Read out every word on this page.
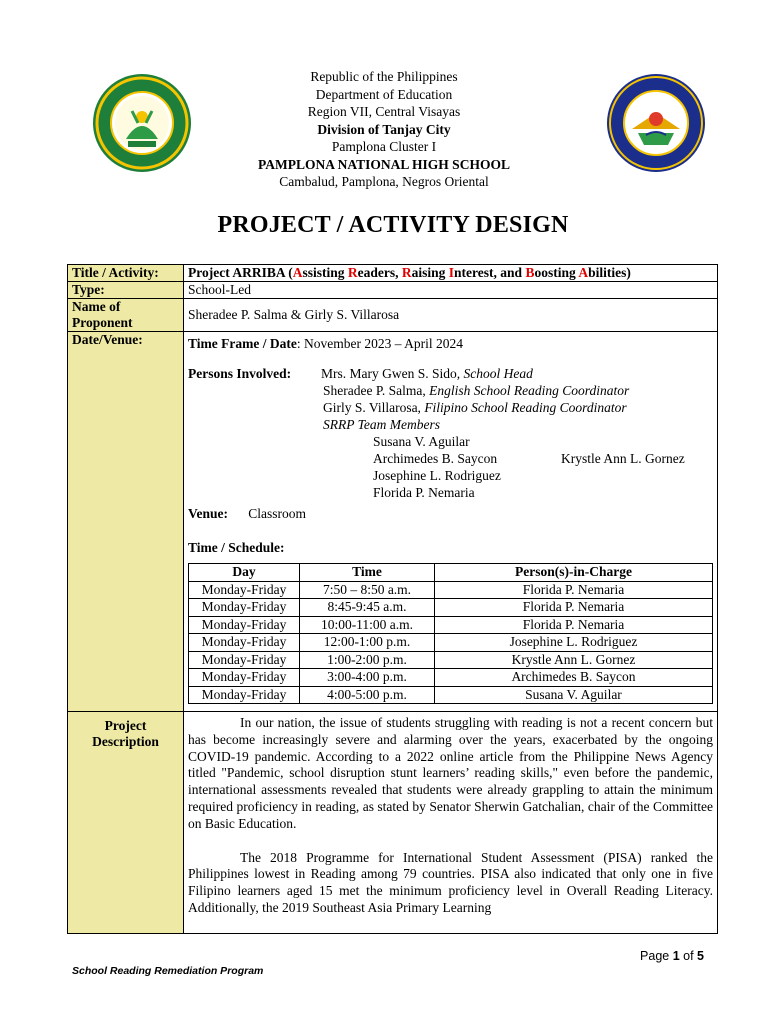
Republic of the Philippines
Department of Education
Region VII, Central Visayas
Division of Tanjay City
Pamplona Cluster I
PAMPLONA NATIONAL HIGH SCHOOL
Cambalud, Pamplona, Negros Oriental
PROJECT / ACTIVITY DESIGN
Title / Activity:	Project ARRIBA (Assisting Readers, Raising Interest, and Boosting Abilities)
Type:	School-Led
Name of Proponent	Sheradee P. Salma & Girly S. Villarosa
Date/Venue:	Time Frame / Date: November 2023 – April 2024
Persons Involved: Mrs. Mary Gwen S. Sido, School Head
Sheradee P. Salma, English School Reading Coordinator
Girly S. Villarosa, Filipino School Reading Coordinator
SRRP Team Members
Susana V. Aguilar
Archimedes B. Saycon	Krystle Ann L. Gornez
Josephine L. Rodriguez
Florida P. Nemaria
Venue: Classroom
Time / Schedule:
Day	Time	Person(s)-in-Charge
Monday-Friday	7:50 – 8:50 a.m.	Florida P. Nemaria
Monday-Friday	8:45-9:45 a.m.	Florida P. Nemaria
Monday-Friday	10:00-11:00 a.m.	Florida P. Nemaria
Monday-Friday	12:00-1:00 p.m.	Josephine L. Rodriguez
Monday-Friday	1:00-2:00 p.m.	Krystle Ann L. Gornez
Monday-Friday	3:00-4:00 p.m.	Archimedes B. Saycon
Monday-Friday	4:00-5:00 p.m.	Susana V. Aguilar

Project Description	

In our nation, the issue of students struggling with reading is not a recent concern but has become increasingly severe and alarming over the years, exacerbated by the ongoing COVID-19 pandemic. According to a 2022 online article from the Philippine News Agency titled "Pandemic, school disruption stunt learners’ reading skills," even before the pandemic, international assessments revealed that students were already grappling to attain the minimum required proficiency in reading, as stated by Senator Sherwin Gatchalian, chair of the Committee on Basic Education.

The 2018 Programme for International Student Assessment (PISA) ranked the Philippines lowest in Reading among 79 countries. PISA also indicated that only one in five Filipino learners aged 15 met the minimum proficiency level in Overall Reading Literacy. Additionally, the 2019 Southeast Asia Primary Learning

Page 1 of 5
School Reading Remediation Program
